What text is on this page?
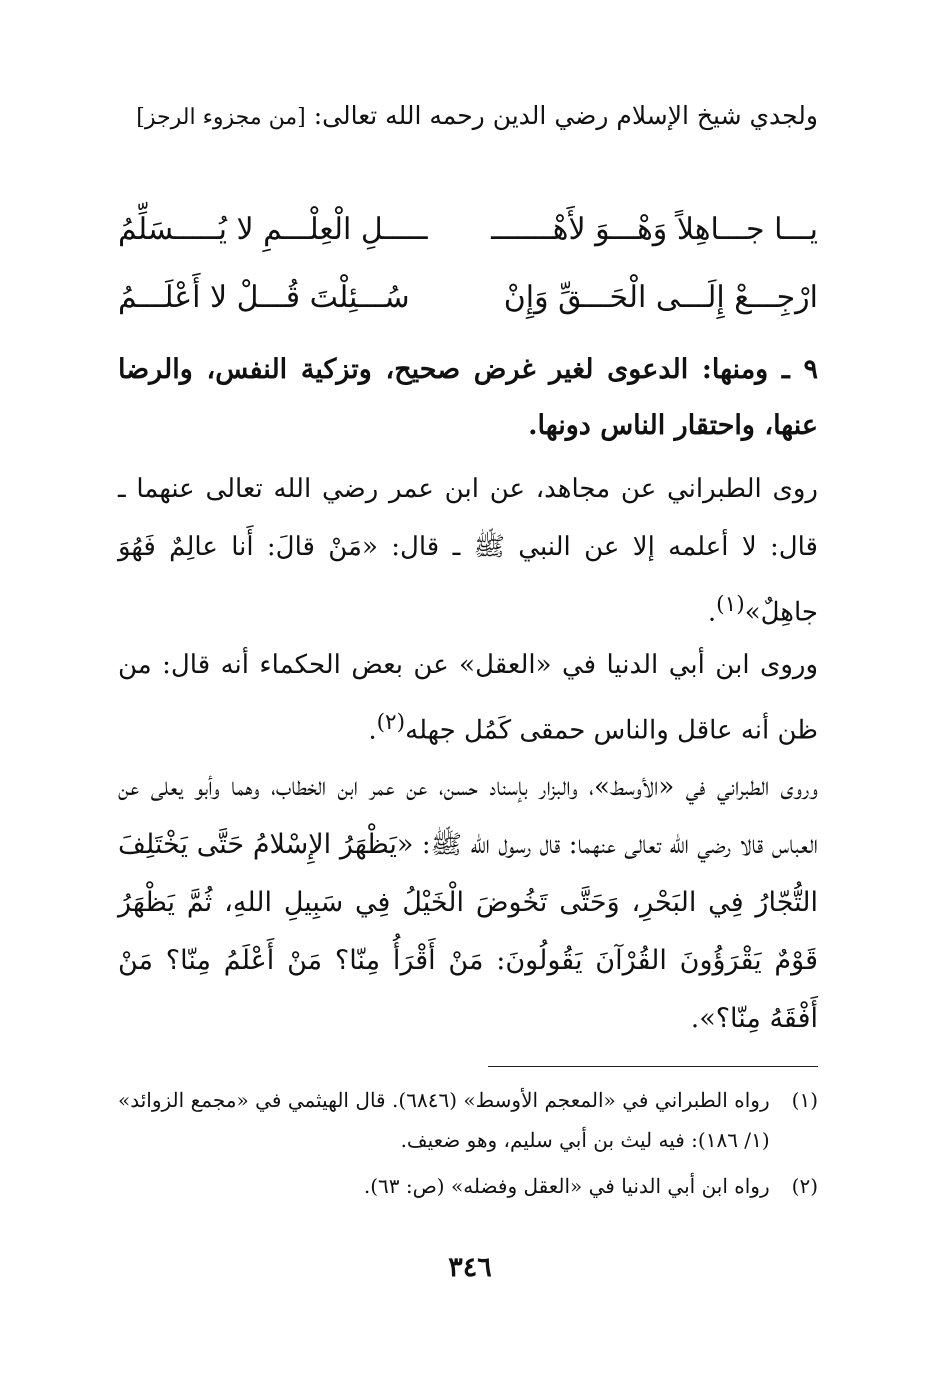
ولجدي شيخ الإسلام رضي الدين رحمه الله تعالى: [من مجزوء الرجز]
يـــا جـــاهِلاً وَهْـــوَ لأَهْـــــــ
ـــــلِ الْعِلْـــمِ لا يُـــــسَلِّمُ
ارْجِـــعْ إِلَـــى الْحَـــقِّ وَإِنْ
سُـــئِلْتَ قُـــلْ لا أَعْلَـــمُ
٩ ـ ومنها: الدعوى لغير غرض صحيح، وتزكية النفس، والرضا عنها، واحتقار الناس دونها.
روى الطبراني عن مجاهد، عن ابن عمر رضي الله تعالى عنهما ـ قال: لا أعلمه إلا عن النبي ﷺ ـ قال: «مَنْ قالَ: أَنا عالِمٌ فَهُوَ جاهِلٌ»$^{(١)}$.
وروى ابن أبي الدنيا في «العقل» عن بعض الحكماء أنه قال: من ظن أنه عاقل والناس حمقى كَمُل جهله$^{(٢)}$.
وروى الطبراني في «الأوسط»، والبزار بإسناد حسن، عن عمر ابن الخطاب، وهما وأبو يعلى عن العباس قالا رضي الله تعالى عنهما: قال رسول الله ﷺ: «يَظْهَرُ الإِسْلامُ حَتَّى يَخْتَلِفَ التُّجّارُ فِي البَحْرِ، وَحَتَّى تَخُوضَ الْخَيْلُ فِي سَبِيلِ اللهِ، ثُمَّ يَظْهَرُ قَوْمٌ يَقْرَؤُونَ القُرْآنَ يَقُولُونَ: مَنْ أَقْرَأُ مِنّا؟ مَنْ أَعْلَمُ مِنّا؟ مَنْ أَفْقَهُ مِنّا؟».
(١)
رواه الطبراني في «المعجم الأوسط» (٦٨٤٦). قال الهيثمي في «مجمع الزوائد» (١/ ١٨٦): فيه ليث بن أبي سليم، وهو ضعيف.
(٢)
رواه ابن أبي الدنيا في «العقل وفضله» (ص: ٦٣).
٣٤٦
